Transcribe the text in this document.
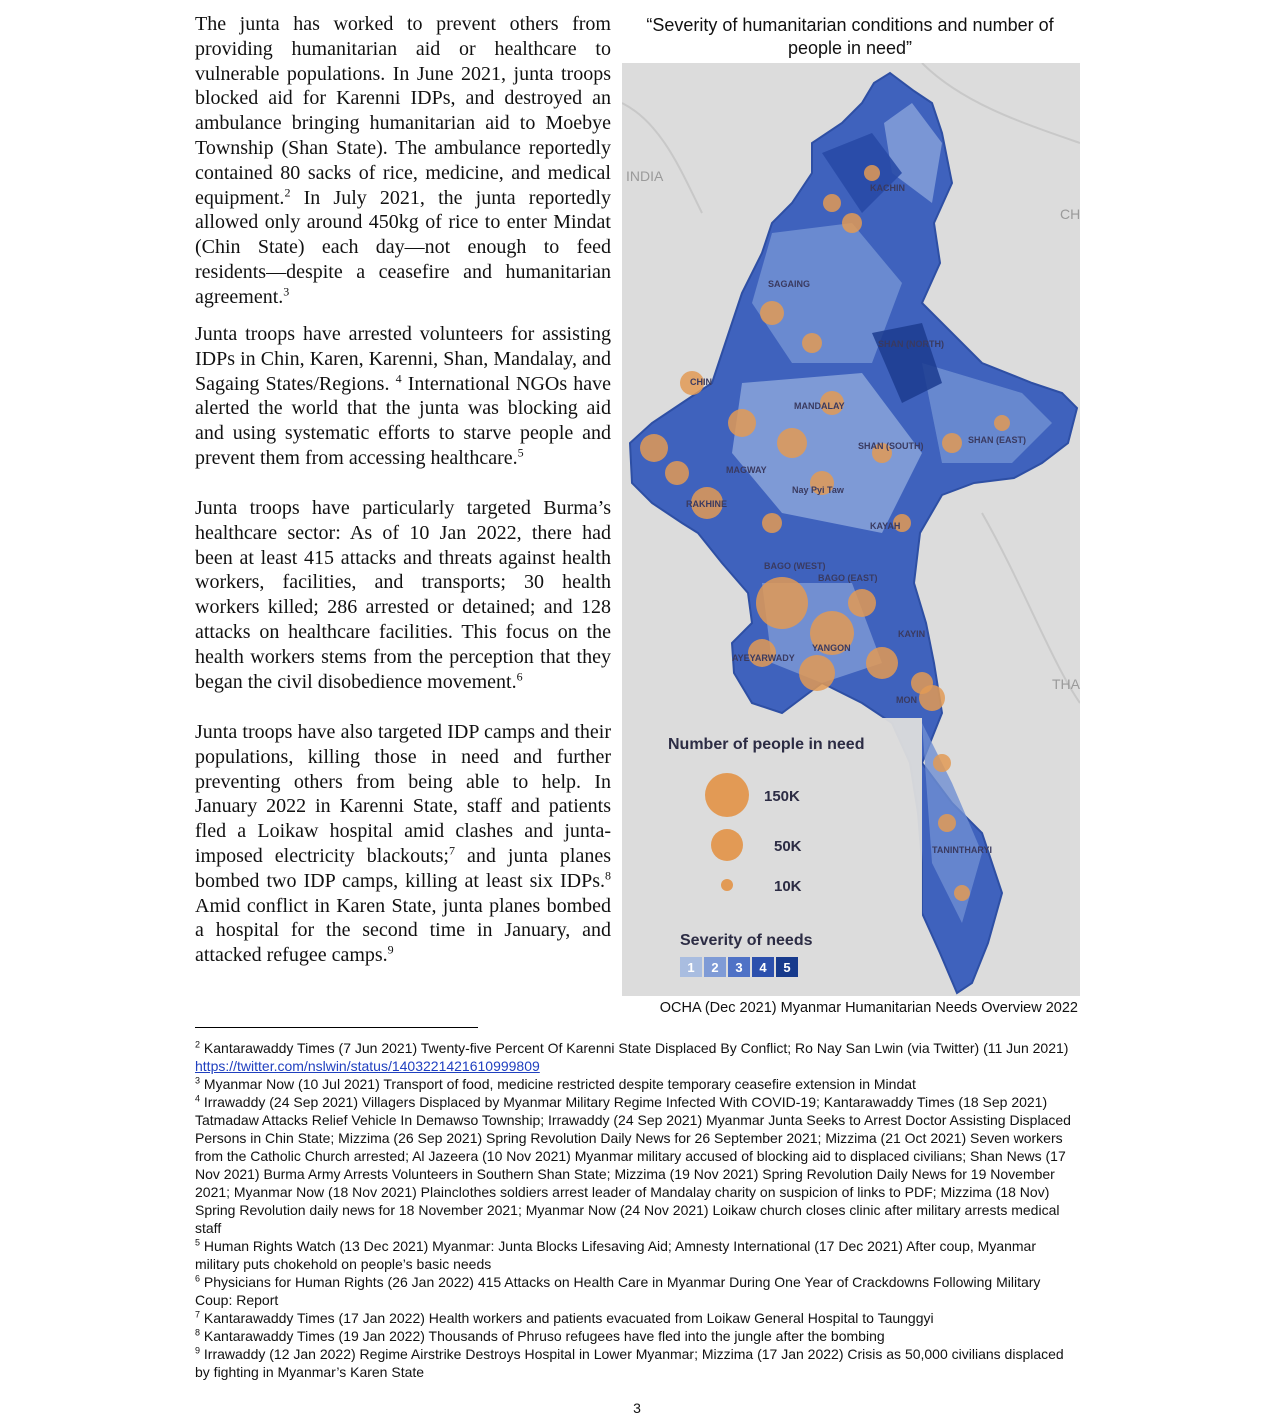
The junta has worked to prevent others from providing humanitarian aid or healthcare to vulnerable populations. In June 2021, junta troops blocked aid for Karenni IDPs, and destroyed an ambulance bringing humanitarian aid to Moebye Township (Shan State). The ambulance reportedly contained 80 sacks of rice, medicine, and medical equipment.$^2$ In July 2021, the junta reportedly allowed only around 450kg of rice to enter Mindat (Chin State) each day—not enough to feed residents—despite a ceasefire and humanitarian agreement.$^3$

Junta troops have arrested volunteers for assisting IDPs in Chin, Karen, Karenni, Shan, Mandalay, and Sagaing States/Regions. $^4$ International NGOs have alerted the world that the junta was blocking aid and using systematic efforts to starve people and prevent them from accessing healthcare.$^5$

Junta troops have particularly targeted Burma’s healthcare sector: As of 10 Jan 2022, there had been at least 415 attacks and threats against health workers, facilities, and transports; 30 health workers killed; 286 arrested or detained; and 128 attacks on healthcare facilities. This focus on the health workers stems from the perception that they began the civil disobedience movement.$^6$

Junta troops have also targeted IDP camps and their populations, killing those in need and further preventing others from being able to help. In January 2022 in Karenni State, staff and patients fled a Loikaw hospital amid clashes and junta-imposed electricity blackouts;$^7$ and junta planes bombed two IDP camps, killing at least six IDPs.$^8$ Amid conflict in Karen State, junta planes bombed a hospital for the second time in January, and attacked refugee camps.$^9$

“Severity of humanitarian conditions and number of people in need”
INDIA
CH
THA
KACHIN
SAGAING
SHAN (NORTH)
CHIN
MANDALAY
SHAN (SOUTH)
SHAN (EAST)
MAGWAY
Nay Pyi Taw
RAKHINE
KAYAH
BAGO (WEST)
BAGO (EAST)
KAYIN
AYEYARWADY
YANGON
MON
TANINTHARYI
Number of people in need
150K
50K
10K
Severity of needs
1 2 3 4 5
OCHA (Dec 2021) Myanmar Humanitarian Needs Overview 2022

$^2$ Kantarawaddy Times (7 Jun 2021) Twenty-five Percent Of Karenni State Displaced By Conflict; Ro Nay San Lwin (via Twitter) (11 Jun 2021) https://twitter.com/nslwin/status/1403221421610999809

$^3$ Myanmar Now (10 Jul 2021) Transport of food, medicine restricted despite temporary ceasefire extension in Mindat

$^4$ Irrawaddy (24 Sep 2021) Villagers Displaced by Myanmar Military Regime Infected With COVID-19; Kantarawaddy Times (18 Sep 2021) Tatmadaw Attacks Relief Vehicle In Demawso Township; Irrawaddy (24 Sep 2021) Myanmar Junta Seeks to Arrest Doctor Assisting Displaced Persons in Chin State; Mizzima (26 Sep 2021) Spring Revolution Daily News for 26 September 2021; Mizzima (21 Oct 2021) Seven workers from the Catholic Church arrested; Al Jazeera (10 Nov 2021) Myanmar military accused of blocking aid to displaced civilians; Shan News (17 Nov 2021) Burma Army Arrests Volunteers in Southern Shan State; Mizzima (19 Nov 2021) Spring Revolution Daily News for 19 November 2021; Myanmar Now (18 Nov 2021) Plainclothes soldiers arrest leader of Mandalay charity on suspicion of links to PDF; Mizzima (18 Nov) Spring Revolution daily news for 18 November 2021; Myanmar Now (24 Nov 2021) Loikaw church closes clinic after military arrests medical staff

$^5$ Human Rights Watch (13 Dec 2021) Myanmar: Junta Blocks Lifesaving Aid; Amnesty International (17 Dec 2021) After coup, Myanmar military puts chokehold on people’s basic needs

$^6$ Physicians for Human Rights (26 Jan 2022) 415 Attacks on Health Care in Myanmar During One Year of Crackdowns Following Military Coup: Report

$^7$ Kantarawaddy Times (17 Jan 2022) Health workers and patients evacuated from Loikaw General Hospital to Taunggyi

$^8$ Kantarawaddy Times (19 Jan 2022) Thousands of Phruso refugees have fled into the jungle after the bombing

$^9$ Irrawaddy (12 Jan 2022) Regime Airstrike Destroys Hospital in Lower Myanmar; Mizzima (17 Jan 2022) Crisis as 50,000 civilians displaced by fighting in Myanmar’s Karen State

3
